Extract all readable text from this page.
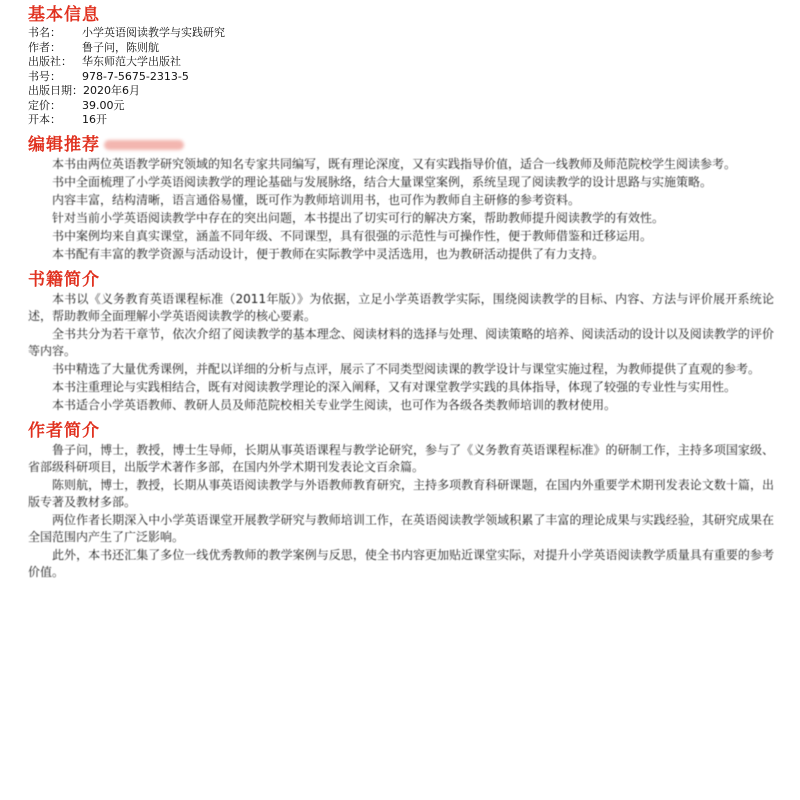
基本信息
书名： 小学英语阅读教学与实践研究
作者： 鲁子问，陈则航
出版社： 华东师范大学出版社
书号： 978-7-5675-2313-5
出版日期：2020年6月
定价： 39.00元
开本： 16开
编辑推荐

本书由两位英语教学研究领域的知名专家共同编写，既有理论深度，又有实践指导价值，适合一线教师及师范院校学生阅读参考。

书中全面梳理了小学英语阅读教学的理论基础与发展脉络，结合大量课堂案例，系统呈现了阅读教学的设计思路与实施策略。

内容丰富，结构清晰，语言通俗易懂，既可作为教师培训用书，也可作为教师自主研修的参考资料。

针对当前小学英语阅读教学中存在的突出问题，本书提出了切实可行的解决方案，帮助教师提升阅读教学的有效性。

书中案例均来自真实课堂，涵盖不同年级、不同课型，具有很强的示范性与可操作性，便于教师借鉴和迁移运用。

本书配有丰富的教学资源与活动设计，便于教师在实际教学中灵活选用，也为教研活动提供了有力支持。

书籍简介

本书以《义务教育英语课程标准（2011年版）》为依据，立足小学英语教学实际，围绕阅读教学的目标、内容、方法与评价展开系统论述，帮助教师全面理解小学英语阅读教学的核心要素。

全书共分为若干章节，依次介绍了阅读教学的基本理念、阅读材料的选择与处理、阅读策略的培养、阅读活动的设计以及阅读教学的评价等内容。

书中精选了大量优秀课例，并配以详细的分析与点评，展示了不同类型阅读课的教学设计与课堂实施过程，为教师提供了直观的参考。

本书注重理论与实践相结合，既有对阅读教学理论的深入阐释，又有对课堂教学实践的具体指导，体现了较强的专业性与实用性。

本书适合小学英语教师、教研人员及师范院校相关专业学生阅读，也可作为各级各类教师培训的教材使用。

作者简介

鲁子问，博士，教授，博士生导师，长期从事英语课程与教学论研究，参与了《义务教育英语课程标准》的研制工作，主持多项国家级、省部级科研项目，出版学术著作多部，在国内外学术期刊发表论文百余篇。

陈则航，博士，教授，长期从事英语阅读教学与外语教师教育研究，主持多项教育科研课题，在国内外重要学术期刊发表论文数十篇，出版专著及教材多部。

两位作者长期深入中小学英语课堂开展教学研究与教师培训工作，在英语阅读教学领域积累了丰富的理论成果与实践经验，其研究成果在全国范围内产生了广泛影响。

此外，本书还汇集了多位一线优秀教师的教学案例与反思，使全书内容更加贴近课堂实际，对提升小学英语阅读教学质量具有重要的参考价值。
